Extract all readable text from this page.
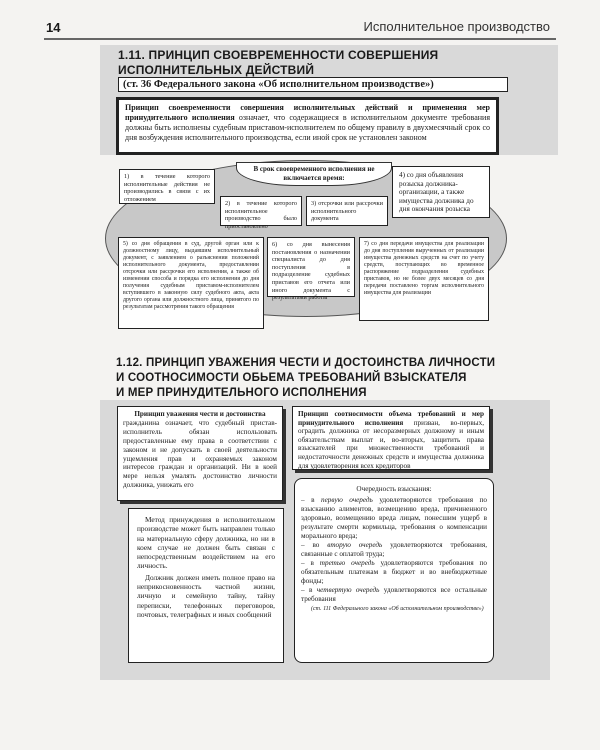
14	Исполнительное производство
1.11. ПРИНЦИП СВОЕВРЕМЕННОСТИ СОВЕРШЕНИЯ
ИСПОЛНИТЕЛЬНЫХ ДЕЙСТВИЙ
(ст. 36 Федерального закона «Об исполнительном производстве»)
Принцип своевременности совершения исполнительных действий и применения мер принудительного исполнения означает, что содержащиеся в исполнительном документе требования должны быть исполнены судебным приставом-исполнителем по общему правилу в двухмесячный срок со дня возбуждения исполнительного производства, если иной срок не установлен законом
В срок своевременного исполнения не включается время:
1) в течение которого исполнительные действия не производились в связи с их отложением
2) в течение которого исполнительное производство было приостановлено
3) отсрочки или рассрочки исполнительного документа
4) со дня объявления розыска должника-организации, а также имущества должника до дня окончания розыска
5) со дня обращения в суд, другой орган или к должностному лицу, выдавшим исполнительный документ, с заявлением о разъяснении положений исполнительного документа, предоставлении отсрочки или рассрочки его исполнения, а также об изменении способа и порядка его исполнения до дня получения судебным приставом-исполнителем вступившего в законную силу судебного акта, акта другого органа или должностного лица, принятого по результатам рассмотрения такого обращения
6) со дня вынесения постановления о назначении специалиста до дня поступления в подразделение судебных приставов его отчета или иного документа с результатами работы
7) со дня передачи имущества для реализации до дня поступления вырученных от реализации имущества денежных средств на счет по учету средств, поступающих во временное распоряжение подразделения судебных приставов, но не более двух месяцев со дня передачи поставлено торгам исполнительного имущества для реализации
1.12. ПРИНЦИП УВАЖЕНИЯ ЧЕСТИ И ДОСТОИНСТВА ЛИЧНОСТИ
И СООТНОСИМОСТИ ОБЬЕМА ТРЕБОВАНИЙ ВЗЫСКАТЕЛЯ
И МЕР ПРИНУДИТЕЛЬНОГО ИСПОЛНЕНИЯ
Принцип уважения чести и достоинства
гражданина означает, что судебный пристав-исполнитель обязан использовать предоставленные ему права в соответствии с законом и не допускать в своей деятельности ущемления прав и охраняемых законом интересов граждан и организаций. Ни в коей мере нельзя умалять достоинство личности должника, унижать его
Принцип соотносимости объема требований и мер принудительного исполнения призван, во-первых, оградить должника от несоразмерных должному и иным обязательствам выплат и, во-вторых, защитить права взыскателей при множественности требований и недостаточности денежных средств и имущества должника для удовлетворения всех кредиторов

Метод принуждения в исполнительном производстве может быть направлен только на материальную сферу должника, но ни в коем случае не должен быть связан с непосредственным воздействием на его личность.

Должник должен иметь полное право на неприкосновенность частной жизни, личную и семейную тайну, тайну переписки, телефонных переговоров, почтовых, телеграфных и иных сообщений

Очередность взыскания:
– в первую очередь удовлетворяются требования по взысканию алиментов, возмещению вреда, причиненного здоровью, возмещению вреда лицам, понесшим ущерб в результате смерти кормильца, требования о компенсации морального вреда;
– во вторую очередь удовлетворяются требования, связанные с оплатой труда;
– в третью очередь удовлетворяются требования по обязательным платежам в бюджет и во внебюджетные фонды;
– в четвертую очередь удовлетворяются все остальные требования
(ст. 111 Федерального закона «Об исполнительном производстве»)
